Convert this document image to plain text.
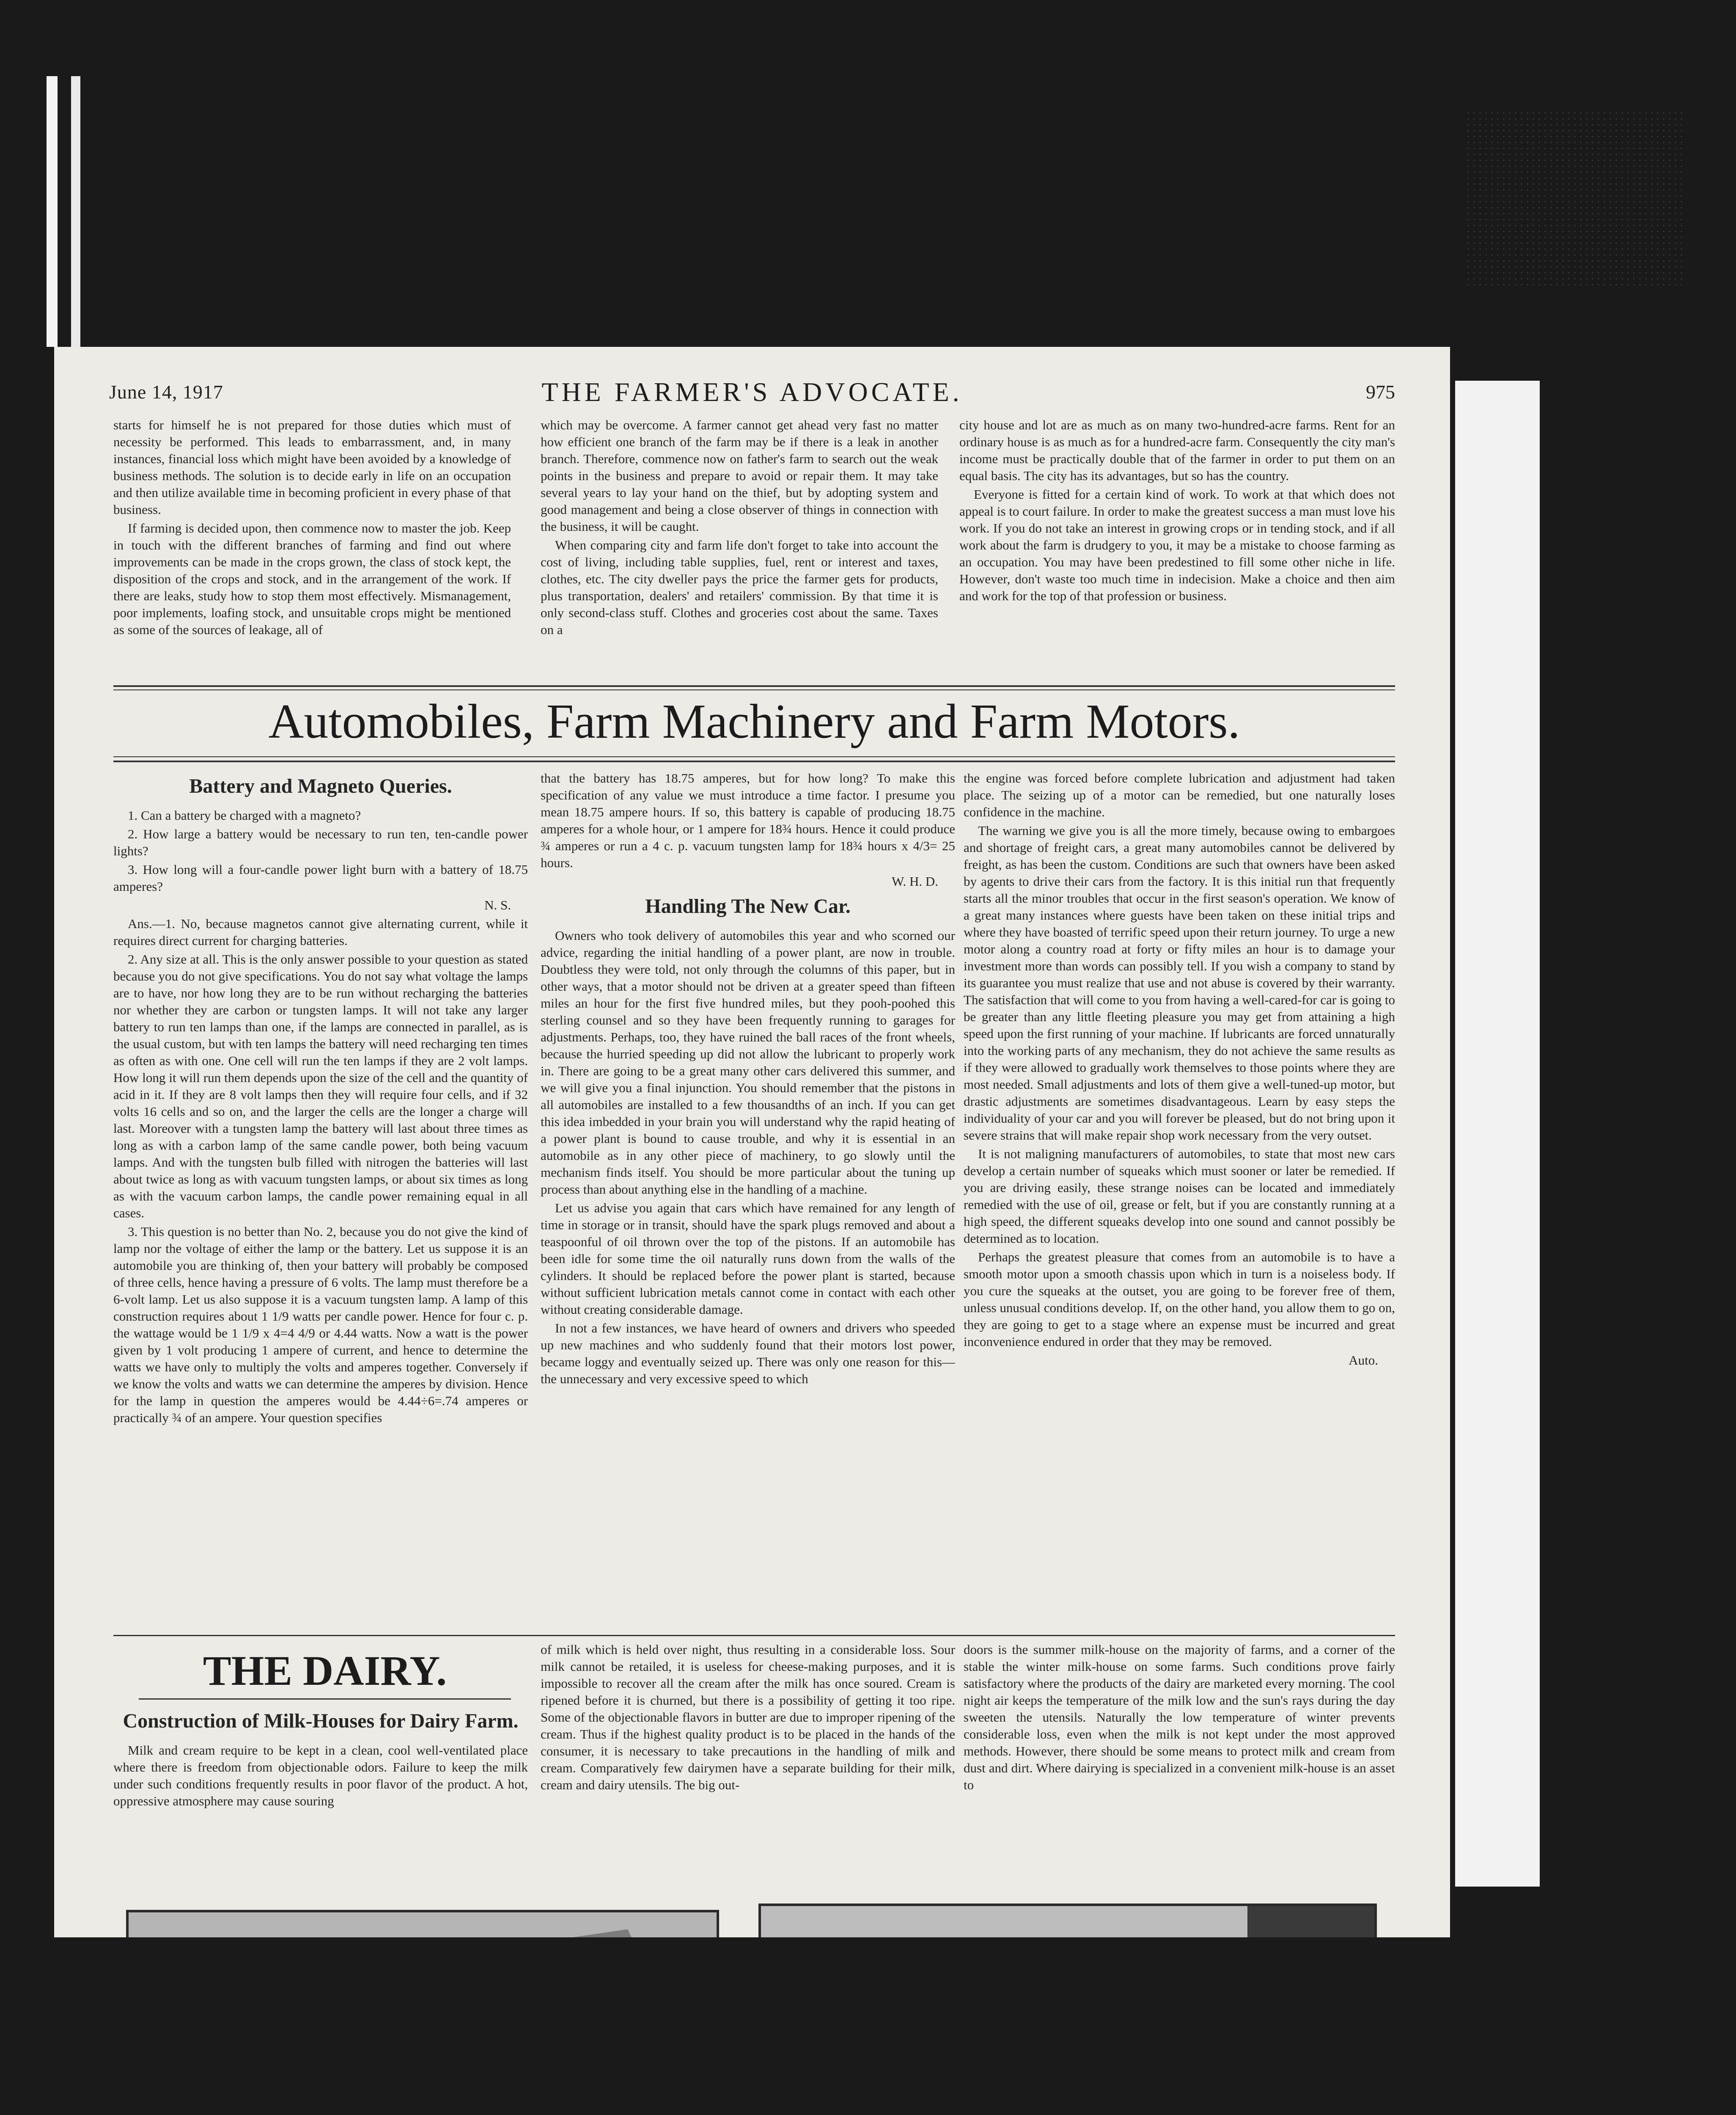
June 14, 1917	THE FARMER'S ADVOCATE.	975

starts for himself he is not prepared for those duties which must of necessity be performed. This leads to embarrassment, and, in many instances, financial loss which might have been avoided by a knowledge of business methods. The solution is to decide early in life on an occupation and then utilize available time in becoming proficient in every phase of that business.

If farming is decided upon, then commence now to master the job. Keep in touch with the different branches of farming and find out where improvements can be made in the crops grown, the class of stock kept, the disposition of the crops and stock, and in the arrangement of the work. If there are leaks, study how to stop them most effectively. Mismanagement, poor implements, loafing stock, and unsuitable crops might be mentioned as some of the sources of leakage, all of

which may be overcome. A farmer cannot get ahead very fast no matter how efficient one branch of the farm may be if there is a leak in another branch. Therefore, commence now on father's farm to search out the weak points in the business and prepare to avoid or repair them. It may take several years to lay your hand on the thief, but by adopting system and good management and being a close observer of things in connection with the business, it will be caught.

When comparing city and farm life don't forget to take into account the cost of living, including table supplies, fuel, rent or interest and taxes, clothes, etc. The city dweller pays the price the farmer gets for products, plus transportation, dealers' and retailers' commission. By that time it is only second-class stuff. Clothes and groceries cost about the same. Taxes on a

city house and lot are as much as on many two-hundred-acre farms. Rent for an ordinary house is as much as for a hundred-acre farm. Consequently the city man's income must be practically double that of the farmer in order to put them on an equal basis. The city has its advantages, but so has the country.

Everyone is fitted for a certain kind of work. To work at that which does not appeal is to court failure. In order to make the greatest success a man must love his work. If you do not take an interest in growing crops or in tending stock, and if all work about the farm is drudgery to you, it may be a mistake to choose farming as an occupation. You may have been predestined to fill some other niche in life. However, don't waste too much time in indecision. Make a choice and then aim and work for the top of that profession or business.

Automobiles, Farm Machinery and Farm Motors.
Battery and Magneto Queries.

1. Can a battery be charged with a magneto?

2. How large a battery would be necessary to run ten, ten-candle power lights?

3. How long will a four-candle power light burn with a battery of 18.75 amperes?

N. S.

Ans.—1. No, because magnetos cannot give alternating current, while it requires direct current for charging batteries.

2. Any size at all. This is the only answer possible to your question as stated because you do not give specifications. You do not say what voltage the lamps are to have, nor how long they are to be run without recharging the batteries nor whether they are carbon or tungsten lamps. It will not take any larger battery to run ten lamps than one, if the lamps are connected in parallel, as is the usual custom, but with ten lamps the battery will need recharging ten times as often as with one. One cell will run the ten lamps if they are 2 volt lamps. How long it will run them depends upon the size of the cell and the quantity of acid in it. If they are 8 volt lamps then they will require four cells, and if 32 volts 16 cells and so on, and the larger the cells are the longer a charge will last. Moreover with a tungsten lamp the battery will last about three times as long as with a carbon lamp of the same candle power, both being vacuum lamps. And with the tungsten bulb filled with nitrogen the batteries will last about twice as long as with vacuum tungsten lamps, or about six times as long as with the vacuum carbon lamps, the candle power remaining equal in all cases.

3. This question is no better than No. 2, because you do not give the kind of lamp nor the voltage of either the lamp or the battery. Let us suppose it is an automobile you are thinking of, then your battery will probably be composed of three cells, hence having a pressure of 6 volts. The lamp must therefore be a 6-volt lamp. Let us also suppose it is a vacuum tungsten lamp. A lamp of this construction requires about 1 1/9 watts per candle power. Hence for four c. p. the wattage would be 1 1/9 x 4=4 4/9 or 4.44 watts. Now a watt is the power given by 1 volt producing 1 ampere of current, and hence to determine the watts we have only to multiply the volts and amperes together. Conversely if we know the volts and watts we can determine the amperes by division. Hence for the lamp in question the amperes would be 4.44÷6=.74 amperes or practically ¾ of an ampere. Your question specifies

that the battery has 18.75 amperes, but for how long? To make this specification of any value we must introduce a time factor. I presume you mean 18.75 ampere hours. If so, this battery is capable of producing 18.75 amperes for a whole hour, or 1 ampere for 18¾ hours. Hence it could produce ¾ amperes or run a 4 c. p. vacuum tungsten lamp for 18¾ hours x 4/3= 25 hours.

W. H. D.

Handling The New Car.

Owners who took delivery of automobiles this year and who scorned our advice, regarding the initial handling of a power plant, are now in trouble. Doubtless they were told, not only through the columns of this paper, but in other ways, that a motor should not be driven at a greater speed than fifteen miles an hour for the first five hundred miles, but they pooh-poohed this sterling counsel and so they have been frequently running to garages for adjustments. Perhaps, too, they have ruined the ball races of the front wheels, because the hurried speeding up did not allow the lubricant to properly work in. There are going to be a great many other cars delivered this summer, and we will give you a final injunction. You should remember that the pistons in all automobiles are installed to a few thousandths of an inch. If you can get this idea imbedded in your brain you will understand why the rapid heating of a power plant is bound to cause trouble, and why it is essential in an automobile as in any other piece of machinery, to go slowly until the mechanism finds itself. You should be more particular about the tuning up process than about anything else in the handling of a machine.

Let us advise you again that cars which have remained for any length of time in storage or in transit, should have the spark plugs removed and about a teaspoonful of oil thrown over the top of the pistons. If an automobile has been idle for some time the oil naturally runs down from the walls of the cylinders. It should be replaced before the power plant is started, because without sufficient lubrication metals cannot come in contact with each other without creating considerable damage.

In not a few instances, we have heard of owners and drivers who speeded up new machines and who suddenly found that their motors lost power, became loggy and eventually seized up. There was only one reason for this—the unnecessary and very excessive speed to which

the engine was forced before complete lubrication and adjustment had taken place. The seizing up of a motor can be remedied, but one naturally loses confidence in the machine.

The warning we give you is all the more timely, because owing to embargoes and shortage of freight cars, a great many automobiles cannot be delivered by freight, as has been the custom. Conditions are such that owners have been asked by agents to drive their cars from the factory. It is this initial run that frequently starts all the minor troubles that occur in the first season's operation. We know of a great many instances where guests have been taken on these initial trips and where they have boasted of terrific speed upon their return journey. To urge a new motor along a country road at forty or fifty miles an hour is to damage your investment more than words can possibly tell. If you wish a company to stand by its guarantee you must realize that use and not abuse is covered by their warranty. The satisfaction that will come to you from having a well-cared-for car is going to be greater than any little fleeting pleasure you may get from attaining a high speed upon the first running of your machine. If lubricants are forced unnaturally into the working parts of any mechanism, they do not achieve the same results as if they were allowed to gradually work themselves to those points where they are most needed. Small adjustments and lots of them give a well-tuned-up motor, but drastic adjustments are sometimes disadvantageous. Learn by easy steps the individuality of your car and you will forever be pleased, but do not bring upon it severe strains that will make repair shop work necessary from the very outset.

It is not maligning manufacturers of automobiles, to state that most new cars develop a certain number of squeaks which must sooner or later be remedied. If you are driving easily, these strange noises can be located and immediately remedied with the use of oil, grease or felt, but if you are constantly running at a high speed, the different squeaks develop into one sound and cannot possibly be determined as to location.

Perhaps the greatest pleasure that comes from an automobile is to have a smooth motor upon a smooth chassis upon which in turn is a noiseless body. If you cure the squeaks at the outset, you are going to be forever free of them, unless unusual conditions develop. If, on the other hand, you allow them to go on, they are going to get to a stage where an expense must be incurred and great inconvenience endured in order that they may be removed.

Auto.

THE DAIRY.
Construction of Milk-Houses for Dairy Farm.

Milk and cream require to be kept in a clean, cool well-ventilated place where there is freedom from objectionable odors. Failure to keep the milk under such conditions frequently results in poor flavor of the product. A hot, oppressive atmosphere may cause souring

of milk which is held over night, thus resulting in a considerable loss. Sour milk cannot be retailed, it is useless for cheese-making purposes, and it is impossible to recover all the cream after the milk has once soured. Cream is ripened before it is churned, but there is a possibility of getting it too ripe. Some of the objectionable flavors in butter are due to improper ripening of the cream. Thus if the highest quality product is to be placed in the hands of the consumer, it is necessary to take precautions in the handling of milk and cream. Comparatively few dairymen have a separate building for their milk, cream and dairy utensils. The big out-

doors is the summer milk-house on the majority of farms, and a corner of the stable the winter milk-house on some farms. Such conditions prove fairly satisfactory where the products of the dairy are marketed every morning. The cool night air keeps the temperature of the milk low and the sun's rays during the day sweeten the utensils. Naturally the low temperature of winter prevents considerable loss, even when the milk is not kept under the most approved methods. However, there should be some means to protect milk and cream from dust and dirt. Where dairying is specialized in a convenient milk-house is an asset to
